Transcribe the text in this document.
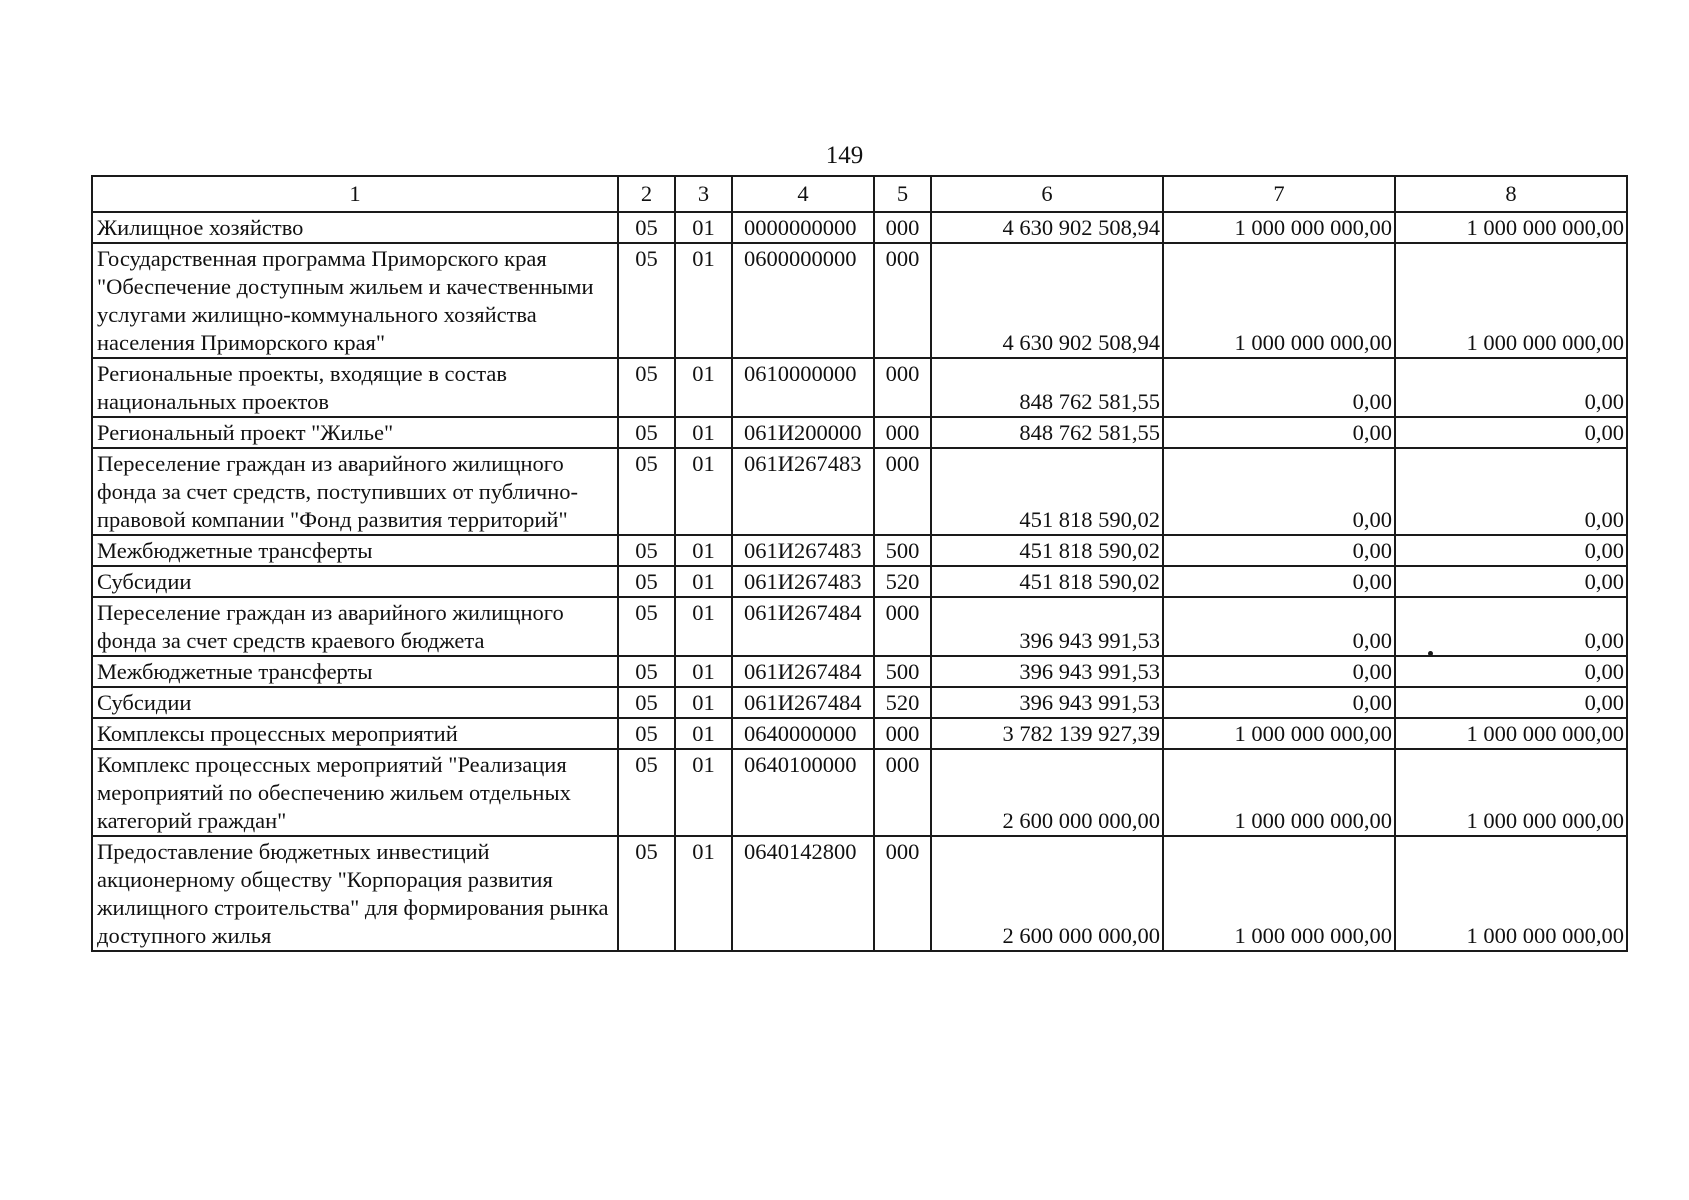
149
1	2	3	4	5	6	7	8
Жилищное хозяйство	05	01	0000000000	000	4 630 902 508,94	1 000 000 000,00	1 000 000 000,00
Государственная программа Приморского края "Обеспечение доступным жильем и качественными услугами жилищно-коммунального хозяйства населения Приморского края"	05	01	0600000000	000	4 630 902 508,94	1 000 000 000,00	1 000 000 000,00
Региональные проекты, входящие в состав национальных проектов	05	01	0610000000	000	848 762 581,55	0,00	0,00
Региональный проект "Жилье"	05	01	061И200000	000	848 762 581,55	0,00	0,00
Переселение граждан из аварийного жилищного фонда за счет средств, поступивших от публично-правовой компании "Фонд развития территорий"	05	01	061И267483	000	451 818 590,02	0,00	0,00
Межбюджетные трансферты	05	01	061И267483	500	451 818 590,02	0,00	0,00
Субсидии	05	01	061И267483	520	451 818 590,02	0,00	0,00
Переселение граждан из аварийного жилищного фонда за счет средств краевого бюджета	05	01	061И267484	000	396 943 991,53	0,00	0,00
Межбюджетные трансферты	05	01	061И267484	500	396 943 991,53	0,00	0,00
Субсидии	05	01	061И267484	520	396 943 991,53	0,00	0,00
Комплексы процессных мероприятий	05	01	0640000000	000	3 782 139 927,39	1 000 000 000,00	1 000 000 000,00
Комплекс процессных мероприятий "Реализация мероприятий по обеспечению жильем отдельных категорий граждан"	05	01	0640100000	000	2 600 000 000,00	1 000 000 000,00	1 000 000 000,00
Предоставление бюджетных инвестиций акционерному обществу "Корпорация развития жилищного строительства" для формирования рынка доступного жилья	05	01	0640142800	000	2 600 000 000,00	1 000 000 000,00	1 000 000 000,00
